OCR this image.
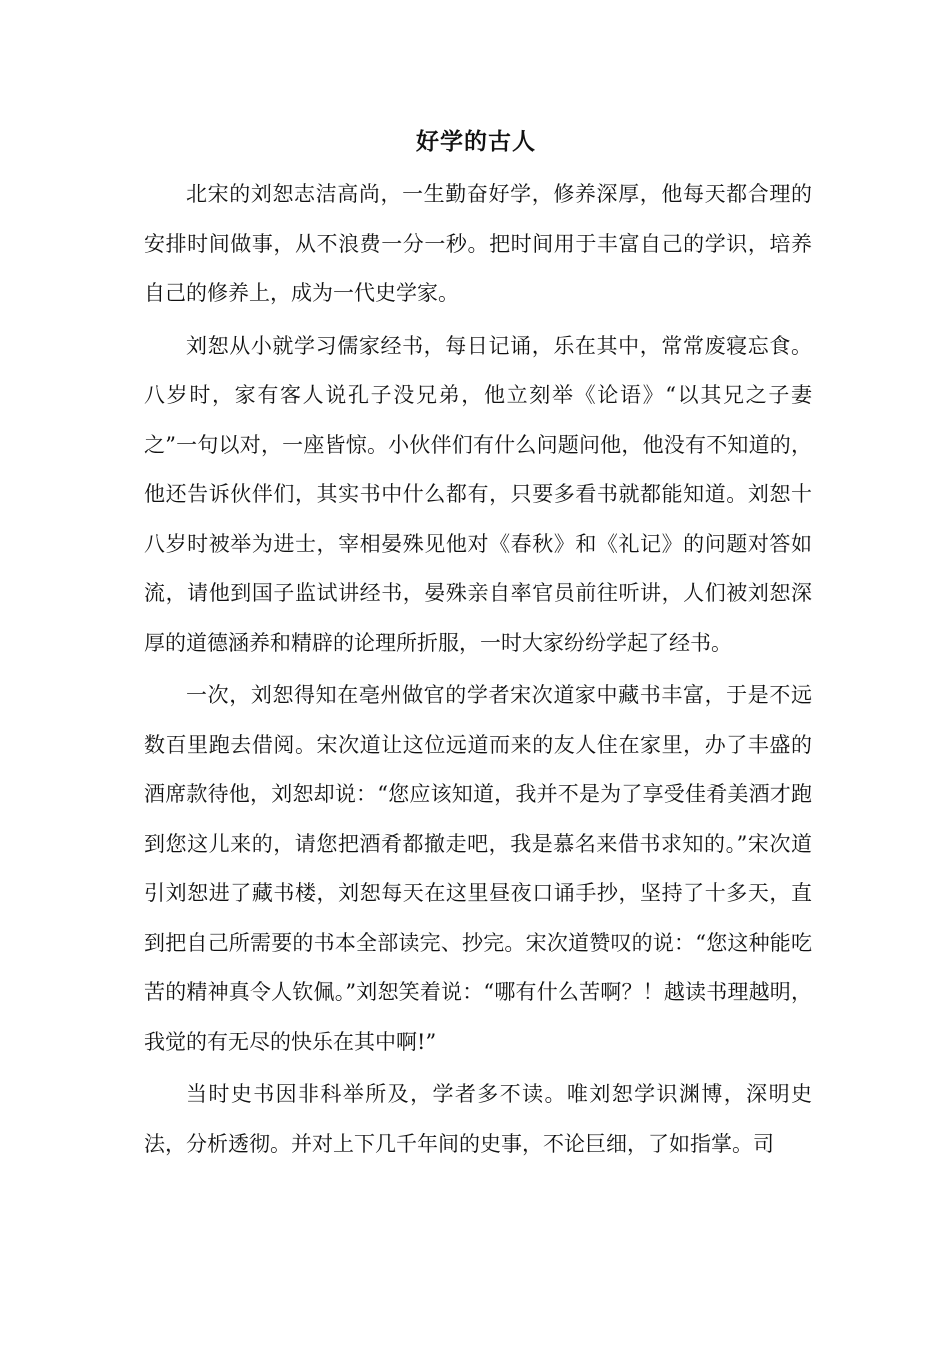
好学的古人

北宋的刘恕志洁高尚，一生勤奋好学，修养深厚，他每天都合理的安排时间做事，从不浪费一分一秒。把时间用于丰富自己的学识，培养自己的修养上，成为一代史学家。

刘恕从小就学习儒家经书，每日记诵，乐在其中，常常废寝忘食。八岁时，家有客人说孔子没兄弟，他立刻举《论语》“以其兄之子妻之”一句以对，一座皆惊。小伙伴们有什么问题问他，他没有不知道的，他还告诉伙伴们，其实书中什么都有，只要多看书就都能知道。刘恕十八岁时被举为进士，宰相晏殊见他对《春秋》和《礼记》的问题对答如流，请他到国子监试讲经书，晏殊亲自率官员前往听讲，人们被刘恕深厚的道德涵养和精辟的论理所折服，一时大家纷纷学起了经书。

一次，刘恕得知在亳州做官的学者宋次道家中藏书丰富，于是不远数百里跑去借阅。宋次道让这位远道而来的友人住在家里，办了丰盛的酒席款待他，刘恕却说：“您应该知道，我并不是为了享受佳肴美酒才跑到您这儿来的，请您把酒肴都撤走吧，我是慕名来借书求知的。”宋次道引刘恕进了藏书楼，刘恕每天在这里昼夜口诵手抄，坚持了十多天，直到把自己所需要的书本全部读完、抄完。宋次道赞叹的说：“您这种能吃苦的精神真令人钦佩。”刘恕笑着说：“哪有什么苦啊？！越读书理越明，我觉的有无尽的快乐在其中啊!”

当时史书因非科举所及，学者多不读。唯刘恕学识渊博，深明史法，分析透彻。并对上下几千年间的史事，不论巨细，了如指掌。司
